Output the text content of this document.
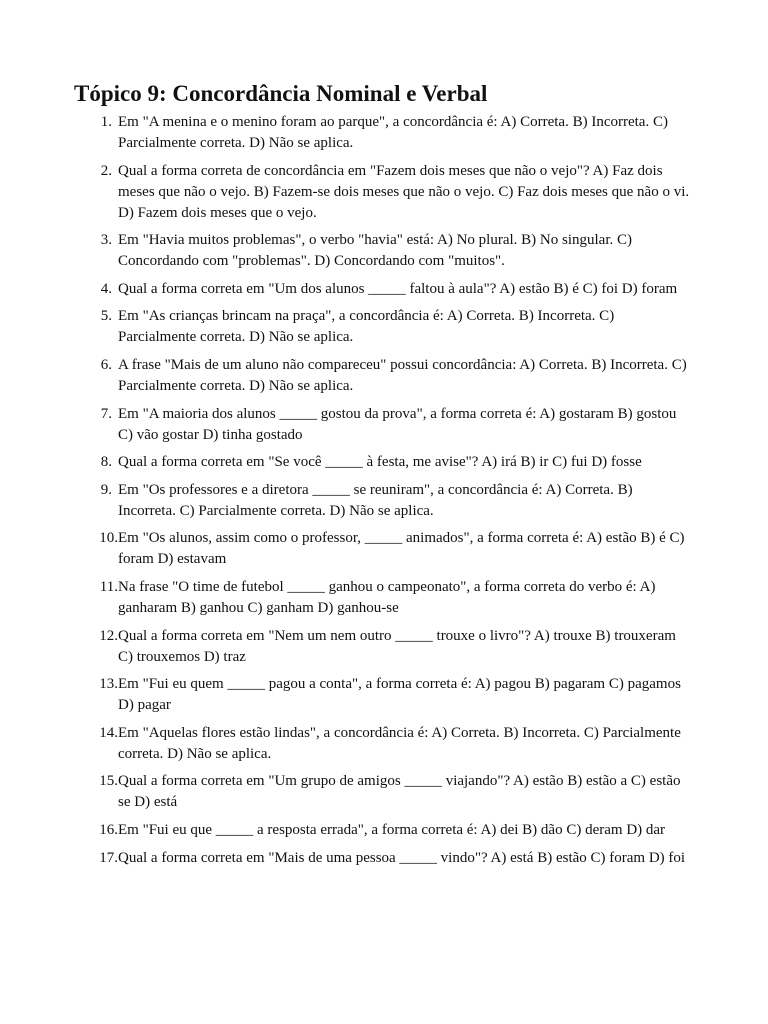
Tópico 9: Concordância Nominal e Verbal
1. Em "A menina e o menino foram ao parque", a concordância é: A) Correta. B) Incorreta. C) Parcialmente correta. D) Não se aplica.
2. Qual a forma correta de concordância em "Fazem dois meses que não o vejo"? A) Faz dois meses que não o vejo. B) Fazem-se dois meses que não o vejo. C) Faz dois meses que não o vi. D) Fazem dois meses que o vejo.
3. Em "Havia muitos problemas", o verbo "havia" está: A) No plural. B) No singular. C) Concordando com "problemas". D) Concordando com "muitos".
4. Qual a forma correta em "Um dos alunos _____ faltou à aula"? A) estão B) é C) foi D) foram
5. Em "As crianças brincam na praça", a concordância é: A) Correta. B) Incorreta. C) Parcialmente correta. D) Não se aplica.
6. A frase "Mais de um aluno não compareceu" possui concordância: A) Correta. B) Incorreta. C) Parcialmente correta. D) Não se aplica.
7. Em "A maioria dos alunos _____ gostou da prova", a forma correta é: A) gostaram B) gostou C) vão gostar D) tinha gostado
8. Qual a forma correta em "Se você _____ à festa, me avise"? A) irá B) ir C) fui D) fosse
9. Em "Os professores e a diretora _____ se reuniram", a concordância é: A) Correta. B) Incorreta. C) Parcialmente correta. D) Não se aplica.
10. Em "Os alunos, assim como o professor, _____ animados", a forma correta é: A) estão B) é C) foram D) estavam
11. Na frase "O time de futebol _____ ganhou o campeonato", a forma correta do verbo é: A) ganharam B) ganhou C) ganham D) ganhou-se
12. Qual a forma correta em "Nem um nem outro _____ trouxe o livro"? A) trouxe B) trouxeram C) trouxemos D) traz
13. Em "Fui eu quem _____ pagou a conta", a forma correta é: A) pagou B) pagaram C) pagamos D) pagar
14. Em "Aquelas flores estão lindas", a concordância é: A) Correta. B) Incorreta. C) Parcialmente correta. D) Não se aplica.
15. Qual a forma correta em "Um grupo de amigos _____ viajando"? A) estão B) estão a C) estão se D) está
16. Em "Fui eu que _____ a resposta errada", a forma correta é: A) dei B) dão C) deram D) dar
17. Qual a forma correta em "Mais de uma pessoa _____ vindo"? A) está B) estão C) foram D) foi
